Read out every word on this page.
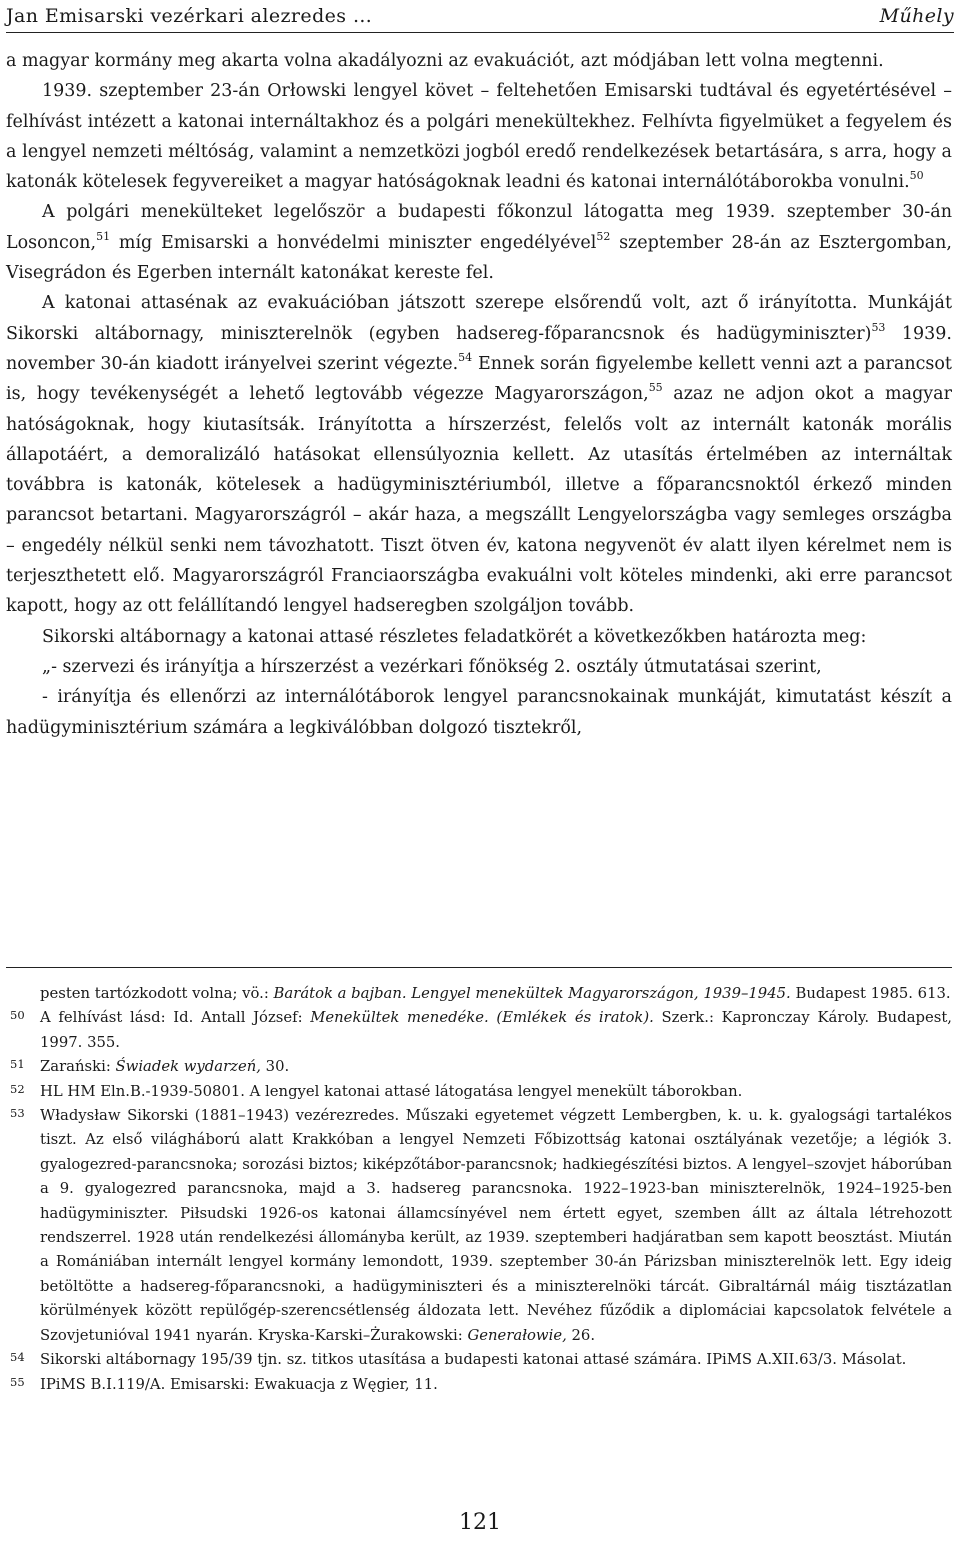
Jan Emisarski vezérkari alezredes …	Műhely

a magyar kormány meg akarta volna akadályozni az evakuációt, azt módjában lett volna megtenni.

1939. szeptember 23-án Orłowski lengyel követ – feltehetően Emisarski tudtával és egyetértésével – felhívást intézett a katonai internáltakhoz és a polgári menekültekhez. Felhívta figyelmüket a fegyelem és a lengyel nemzeti méltóság, valamint a nemzetközi jogból eredő rendelkezések betartására, s arra, hogy a katonák kötelesek fegyvereiket a magyar hatóságoknak leadni és katonai internálótáborokba vonulni.$^{50}$

A polgári menekülteket legelőször a budapesti főkonzul látogatta meg 1939. szeptember 30-án Losoncon,$^{51}$ míg Emisarski a honvédelmi miniszter engedélyével$^{52}$ szeptember 28-án az Esztergomban, Visegrádon és Egerben internált katonákat kereste fel.

A katonai attasénak az evakuációban játszott szerepe elsőrendű volt, azt ő irányította. Munkáját Sikorski altábornagy, miniszterelnök (egyben hadsereg-főparancsnok és hadügyminiszter)$^{53}$ 1939. november 30-án kiadott irányelvei szerint végezte.$^{54}$ Ennek során figyelembe kellett venni azt a parancsot is, hogy tevékenységét a lehető legtovább végezze Magyarországon,$^{55}$ azaz ne adjon okot a magyar hatóságoknak, hogy kiutasítsák. Irányította a hírszerzést, felelős volt az internált katonák morális állapotáért, a demoralizáló hatásokat ellensúlyoznia kellett. Az utasítás értelmében az internáltak továbbra is katonák, kötelesek a hadügyminisztériumból, illetve a főparancsnoktól érkező minden parancsot betartani. Magyarországról – akár haza, a megszállt Lengyelországba vagy semleges országba – engedély nélkül senki nem távozhatott. Tiszt ötven év, katona negyvenöt év alatt ilyen kérelmet nem is terjeszthetett elő. Magyarországról Franciaországba evakuálni volt köteles mindenki, aki erre parancsot kapott, hogy az ott felállítandó lengyel hadseregben szolgáljon tovább.

Sikorski altábornagy a katonai attasé részletes feladatkörét a következőkben határozta meg:

„- szervezi és irányítja a hírszerzést a vezérkari főnökség 2. osztály útmutatásai szerint,

- irányítja és ellenőrzi az internálótáborok lengyel parancsnokainak munkáját, kimutatást készít a hadügyminisztérium számára a legkiválóbban dolgozó tisztekről,

pesten tartózkodott volna; vö.: Barátok a bajban. Lengyel menekültek Magyarországon, 1939–1945. Budapest 1985. 613.
50	A felhívást lásd: Id. Antall József: Menekültek menedéke. (Emlékek és iratok). Szerk.: Kapronczay Károly. Budapest, 1997. 355.
51	Zarański: Świadek wydarzeń, 30.
52	HL HM Eln.B.-1939-50801. A lengyel katonai attasé látogatása lengyel menekült táborokban.
53	Władysław Sikorski (1881–1943) vezérezredes. Műszaki egyetemet végzett Lembergben, k. u. k. gyalogsági tartalékos tiszt. Az első világháború alatt Krakkóban a lengyel Nemzeti Főbizottság katonai osztályának vezetője; a légiók 3. gyalogezred-parancsnoka; sorozási biztos; kiképzőtábor-parancsnok; hadkiegészítési biztos. A lengyel–szovjet háborúban a 9. gyalogezred parancsnoka, majd a 3. hadsereg parancsnoka. 1922–1923-ban miniszterelnök, 1924–1925-ben hadügyminiszter. Piłsudski 1926-os katonai államcsínyével nem értett egyet, szemben állt az általa létrehozott rendszerrel. 1928 után rendelkezési állományba került, az 1939. szeptemberi hadjáratban sem kapott beosztást. Miután a Romániában internált lengyel kormány lemondott, 1939. szeptember 30-án Párizsban miniszterelnök lett. Egy ideig betöltötte a hadsereg-főparancsnoki, a hadügyminiszteri és a miniszterelnöki tárcát. Gibraltárnál máig tisztázatlan körülmények között repülőgép-szerencsétlenség áldozata lett. Nevéhez fűződik a diplomáciai kapcsolatok felvétele a Szovjetunióval 1941 nyarán. Kryska-Karski–Żurakowski: Generałowie, 26.
54	Sikorski altábornagy 195/39 tjn. sz. titkos utasítása a budapesti katonai attasé számára. IPiMS A.XII.63/3. Másolat.
55	IPiMS B.I.119/A. Emisarski: Ewakuacja z Węgier, 11.
121
